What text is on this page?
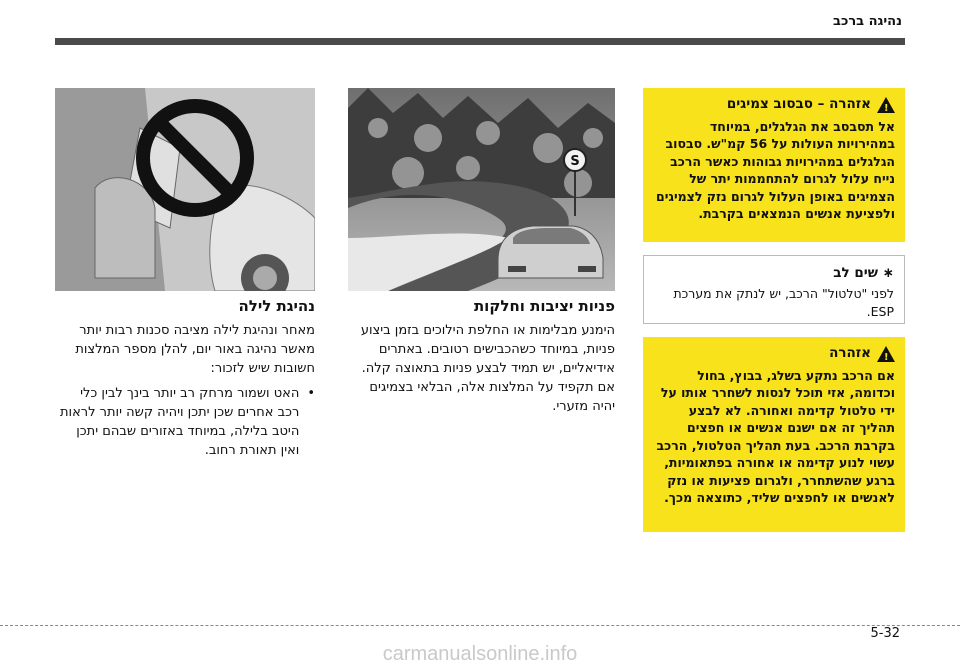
נהיגה ברכב
!
אזהרה – סבסוב צמיגים
אל תסבסב את הגלגלים, במיוחד במהירויות העולות על 56 קמ"ש. סבסוב הגלגלים במהירויות גבוהות כאשר הרכב נייח עלול לגרום להתחממות יתר של הצמיגים באופן העלול לגרום נזק לצמיגים ולפציעת אנשים הנמצאים בקרבת.
∗ שים לב
לפני "טלטול" הרכב, יש לנתק את מערכת ESP.
!
אזהרה
אם הרכב נתקע בשלג, בבוץ, בחול וכדומה, אזי תוכל לנסות לשחרר אותו על ידי טלטול קדימה ואחורה. לא לבצע תהליך זה אם ישנם אנשים או חפצים בקרבת הרכב. בעת תהליך הטלטול, הרכב עשוי לנוע קדימה או אחורה בפתאומיות, ברגע שהשתחרר, ולגרום פציעות או נזק לאנשים או לחפצים שליד, כתוצאה מכך.
S
פניות יציבות וחלקות
הימנע מבלימות או החלפת הילוכים בזמן ביצוע פניות, במיוחד כשהכבישים רטובים. באתרים אידיאליים, יש תמיד לבצע פניות בתאוצה קלה. אם תקפיד על המלצות אלה, הבלאי בצמיגים יהיה מזערי.
נהיגת לילה
מאחר ונהיגת לילה מציבה סכנות רבות יותר מאשר נהיגה באור יום, להלן מספר המלצות חשובות שיש לזכור:
•
האט ושמור מרחק רב יותר בינך לבין כלי רכב אחרים שכן יתכן ויהיה קשה יותר לראות היטב בלילה, במיוחד באזורים שבהם יתכן ואין תאורת רחוב.
5-32
carmanualsonline.info
